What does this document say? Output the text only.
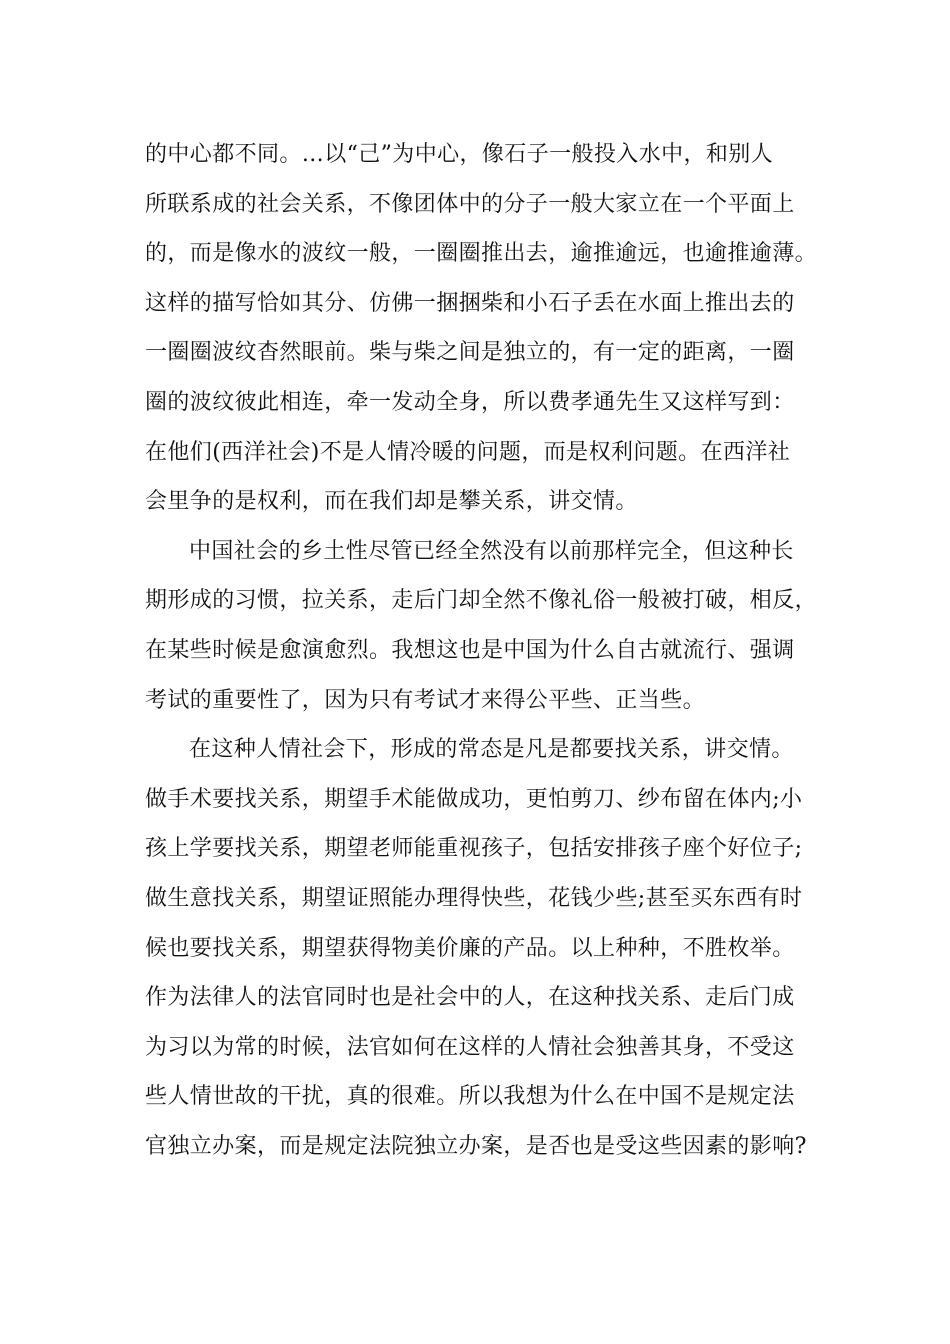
的中心都不同。…以“己”为中心，像石子一般投入水中，和别人
所联系成的社会关系，不像团体中的分子一般大家立在一个平面上
的，而是像水的波纹一般，一圈圈推出去，逾推逾远，也逾推逾薄。
这样的描写恰如其分、仿佛一捆捆柴和小石子丢在水面上推出去的
一圈圈波纹杳然眼前。柴与柴之间是独立的，有一定的距离，一圈
圈的波纹彼此相连，牵一发动全身，所以费孝通先生又这样写到：
在他们(西洋社会)不是人情冷暖的问题，而是权利问题。在西洋社
会里争的是权利，而在我们却是攀关系，讲交情。
中国社会的乡土性尽管已经全然没有以前那样完全，但这种长
期形成的习惯，拉关系，走后门却全然不像礼俗一般被打破，相反，
在某些时候是愈演愈烈。我想这也是中国为什么自古就流行、强调
考试的重要性了，因为只有考试才来得公平些、正当些。
在这种人情社会下，形成的常态是凡是都要找关系，讲交情。
做手术要找关系，期望手术能做成功，更怕剪刀、纱布留在体内;小
孩上学要找关系，期望老师能重视孩子，包括安排孩子座个好位子;
做生意找关系，期望证照能办理得快些，花钱少些;甚至买东西有时
候也要找关系，期望获得物美价廉的产品。以上种种，不胜枚举。
作为法律人的法官同时也是社会中的人，在这种找关系、走后门成
为习以为常的时候，法官如何在这样的人情社会独善其身，不受这
些人情世故的干扰，真的很难。所以我想为什么在中国不是规定法
官独立办案，而是规定法院独立办案，是否也是受这些因素的影响?
